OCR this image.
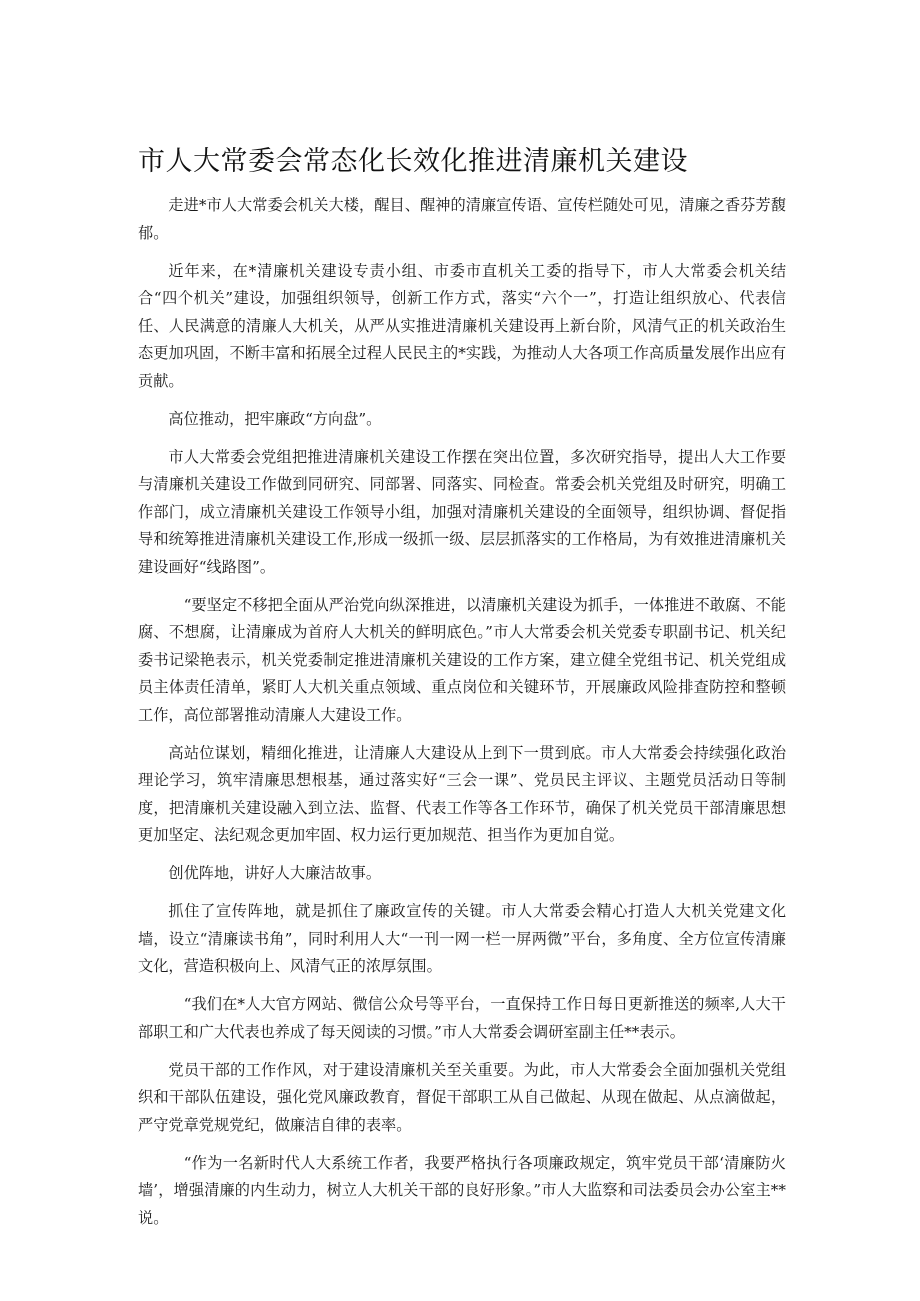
市人大常委会常态化长效化推进清廉机关建设

走进*市人大常委会机关大楼，醒目、醒神的清廉宣传语、宣传栏随处可见，清廉之香芬芳馥郁。

近年来，在*清廉机关建设专责小组、市委市直机关工委的指导下，市人大常委会机关结合“四个机关”建设，加强组织领导，创新工作方式，落实“六个一”，打造让组织放心、代表信任、人民满意的清廉人大机关，从严从实推进清廉机关建设再上新台阶，风清气正的机关政治生态更加巩固，不断丰富和拓展全过程人民民主的*实践，为推动人大各项工作高质量发展作出应有贡献。

高位推动，把牢廉政“方向盘”。

市人大常委会党组把推进清廉机关建设工作摆在突出位置，多次研究指导，提出人大工作要与清廉机关建设工作做到同研究、同部署、同落实、同检查。常委会机关党组及时研究，明确工作部门，成立清廉机关建设工作领导小组，加强对清廉机关建设的全面领导，组织协调、督促指导和统筹推进清廉机关建设工作,形成一级抓一级、层层抓落实的工作格局，为有效推进清廉机关建设画好“线路图”。

“要坚定不移把全面从严治党向纵深推进，以清廉机关建设为抓手，一体推进不敢腐、不能腐、不想腐，让清廉成为首府人大机关的鲜明底色。”市人大常委会机关党委专职副书记、机关纪委书记梁艳表示，机关党委制定推进清廉机关建设的工作方案，建立健全党组书记、机关党组成员主体责任清单，紧盯人大机关重点领域、重点岗位和关键环节，开展廉政风险排查防控和整顿工作，高位部署推动清廉人大建设工作。

高站位谋划，精细化推进，让清廉人大建设从上到下一贯到底。市人大常委会持续强化政治理论学习，筑牢清廉思想根基，通过落实好“三会一课”、党员民主评议、主题党员活动日等制度，把清廉机关建设融入到立法、监督、代表工作等各工作环节，确保了机关党员干部清廉思想更加坚定、法纪观念更加牢固、权力运行更加规范、担当作为更加自觉。

创优阵地，讲好人大廉洁故事。

抓住了宣传阵地，就是抓住了廉政宣传的关键。市人大常委会精心打造人大机关党建文化墙，设立“清廉读书角”，同时利用人大“一刊一网一栏一屏两微”平台，多角度、全方位宣传清廉文化，营造积极向上、风清气正的浓厚氛围。

“我们在*人大官方网站、微信公众号等平台，一直保持工作日每日更新推送的频率,人大干部职工和广大代表也养成了每天阅读的习惯。”市人大常委会调研室副主任**表示。

党员干部的工作作风，对于建设清廉机关至关重要。为此，市人大常委会全面加强机关党组织和干部队伍建设，强化党风廉政教育，督促干部职工从自己做起、从现在做起、从点滴做起，严守党章党规党纪，做廉洁自律的表率。

“作为一名新时代人大系统工作者，我要严格执行各项廉政规定，筑牢党员干部‘清廉防火墙’，增强清廉的内生动力，树立人大机关干部的良好形象。”市人大监察和司法委员会办公室主**说。
